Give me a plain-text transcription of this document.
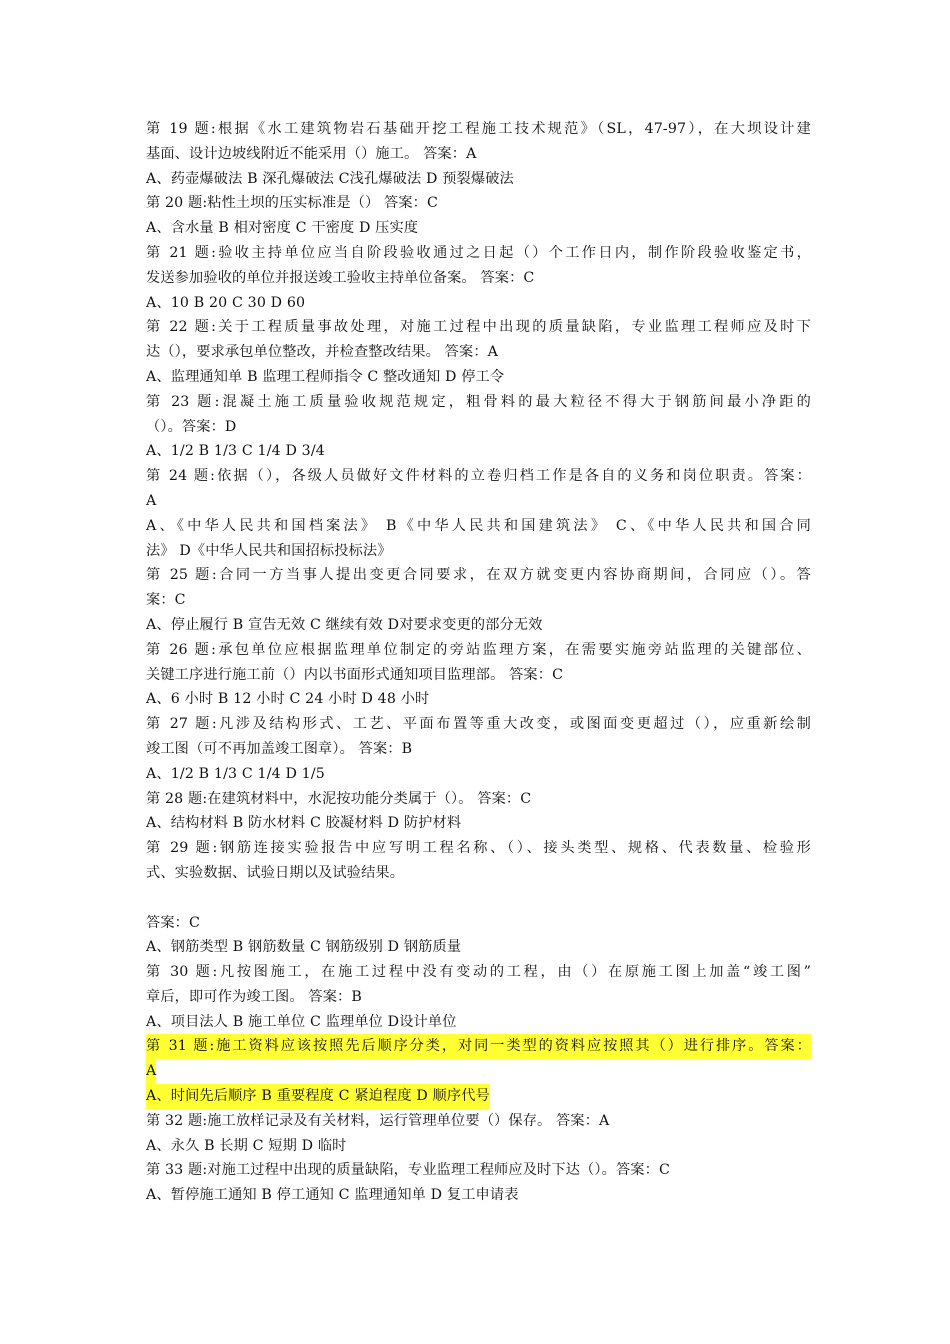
第 19 题:根据《水工建筑物岩石基础开挖工程施工技术规范》（SL，47-97），在大坝设计建
基面、设计边坡线附近不能采用（）施工。 答案：A
A、药壶爆破法 B 深孔爆破法 C浅孔爆破法 D 预裂爆破法
第 20 题:粘性土坝的压实标准是（） 答案：C
A、含水量 B 相对密度 C 干密度 D 压实度
第 21 题:验收主持单位应当自阶段验收通过之日起（）个工作日内，制作阶段验收鉴定书，
发送参加验收的单位并报送竣工验收主持单位备案。 答案：C
A、10 B 20 C 30 D 60
第 22 题:关于工程质量事故处理，对施工过程中出现的质量缺陷，专业监理工程师应及时下
达（），要求承包单位整改，并检查整改结果。 答案：A
A、监理通知单 B 监理工程师指令 C 整改通知 D 停工令
第 23 题:混凝土施工质量验收规范规定，粗骨料的最大粒径不得大于钢筋间最小净距的
（）。答案：D
A、1/2 B 1/3 C 1/4 D 3/4
第 24 题:依据（），各级人员做好文件材料的立卷归档工作是各自的义务和岗位职责。答案：
A
A、《中华人民共和国档案法》 B《中华人民共和国建筑法》 C、《中华人民共和国合同
法》 D《中华人民共和国招标投标法》
第 25 题:合同一方当事人提出变更合同要求，在双方就变更内容协商期间，合同应（）。答
案：C
A、停止履行 B 宣告无效 C 继续有效 D对要求变更的部分无效
第 26 题:承包单位应根据监理单位制定的旁站监理方案，在需要实施旁站监理的关键部位、
关键工序进行施工前（）内以书面形式通知项目监理部。 答案：C
A、6 小时 B 12 小时 C 24 小时 D 48 小时
第 27 题:凡涉及结构形式、工艺、平面布置等重大改变，或图面变更超过（），应重新绘制
竣工图（可不再加盖竣工图章）。 答案：B
A、1/2 B 1/3 C 1/4 D 1/5
第 28 题:在建筑材料中，水泥按功能分类属于（）。 答案：C
A、结构材料 B 防水材料 C 胶凝材料 D 防护材料
第 29 题:钢筋连接实验报告中应写明工程名称、（）、接头类型、规格、代表数量、检验形
式、实验数据、试验日期以及试验结果。
答案：C
A、钢筋类型 B 钢筋数量 C 钢筋级别 D 钢筋质量
第 30 题:凡按图施工，在施工过程中没有变动的工程，由（）在原施工图上加盖“竣工图”
章后，即可作为竣工图。 答案：B
A、项目法人 B 施工单位 C 监理单位 D设计单位
第 31 题:施工资料应该按照先后顺序分类，对同一类型的资料应按照其（）进行排序。答案：
A
A、时间先后顺序 B 重要程度 C 紧迫程度 D 顺序代号
第 32 题:施工放样记录及有关材料，运行管理单位要（）保存。 答案：A
A、永久 B 长期 C 短期 D 临时
第 33 题:对施工过程中出现的质量缺陷，专业监理工程师应及时下达（）。答案：C
A、暂停施工通知 B 停工通知 C 监理通知单 D 复工申请表
